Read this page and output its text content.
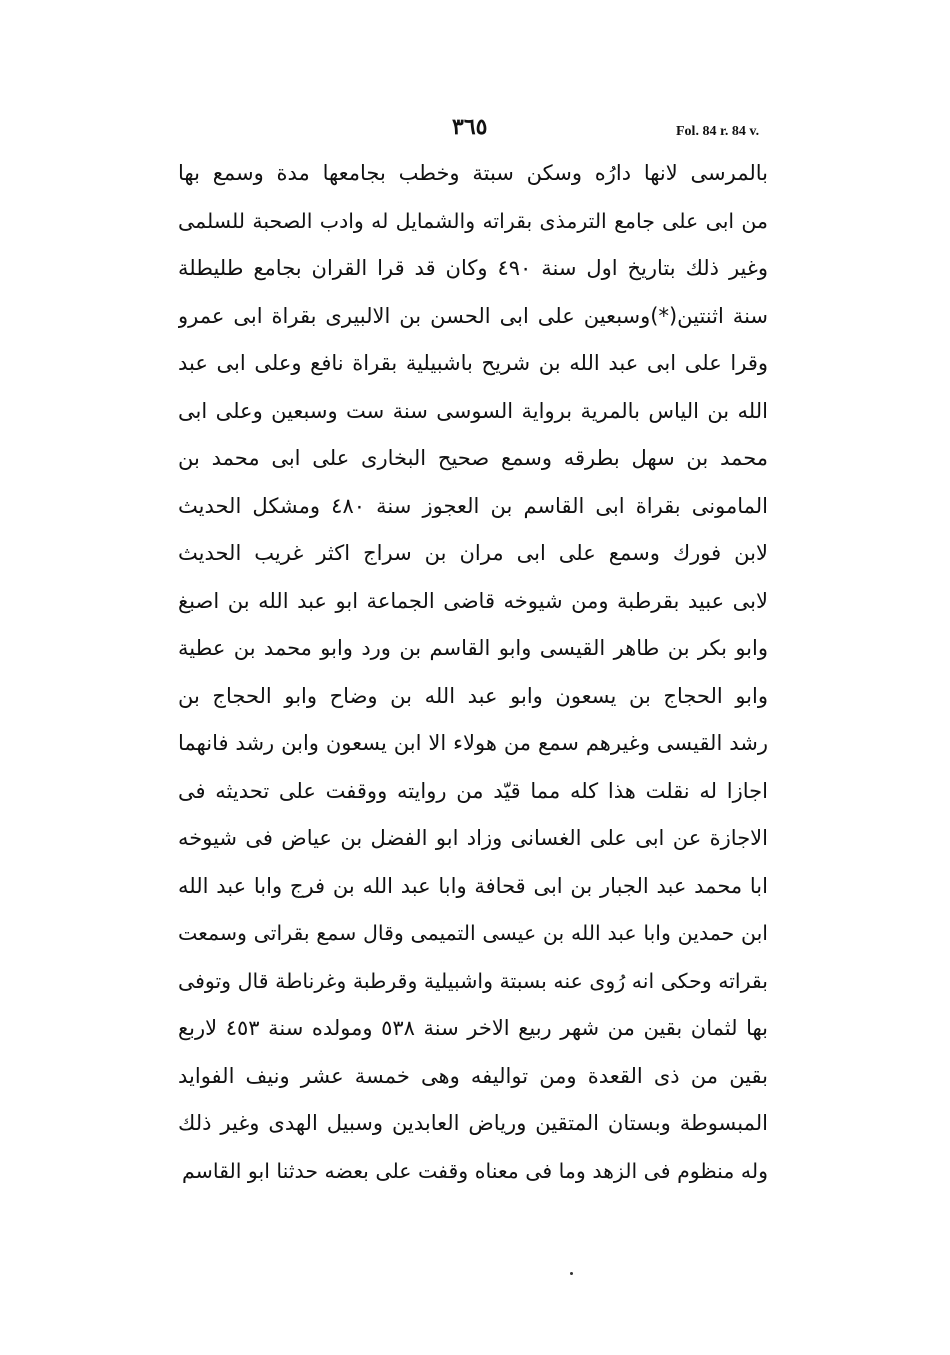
٣٦٥	Fol. 84 r. 84 v.
بالمرسى لانها دارُه وسكن سبتة وخطب بجامعها مدة وسمع بها
من ابى على جامع الترمذى بقراته والشمايل له وادب الصحبة للسلمى
وغير ذلك بتاريخ اول سنة ٤٩٠ وكان قد قرا القران بجامع طليطلة
سنة اثنتين(*)وسبعين على ابى الحسن بن الالبيرى بقراة ابى عمرو
وقرا على ابى عبد الله بن شريح باشبيلية بقراة نافع وعلى ابى عبد
الله بن الياس بالمرية برواية السوسى سنة ست وسبعين وعلى ابى
محمد بن سهل بطرقه وسمع صحيح البخارى على ابى محمد بن
المامونى بقراة ابى القاسم بن العجوز سنة ٤٨٠ ومشكل الحديث
لابن فورك وسمع على ابى مران بن سراج اكثر غريب الحديث
لابى عبيد بقرطبة ومن شيوخه قاضى الجماعة ابو عبد الله بن اصبغ
وابو بكر بن طاهر القيسى وابو القاسم بن ورد وابو محمد بن عطية
وابو الحجاج بن يسعون وابو عبد الله بن وضاح وابو الحجاج بن
رشد القيسى وغيرهم سمع من هولاء الا ابن يسعون وابن رشد فانهما
اجازا له نقلت هذا كله مما قيّد من روايته ووقفت على تحديثه فى
الاجازة عن ابى على الغسانى وزاد ابو الفضل بن عياض فى شيوخه
ابا محمد عبد الجبار بن ابى قحافة وابا عبد الله بن فرج وابا عبد الله
ابن حمدين وابا عبد الله بن عيسى التميمى وقال سمع بقراتى وسمعت
بقراته وحكى انه رُوى عنه بسبتة واشبيلية وقرطبة وغرناطة قال وتوفى
بها لثمان بقين من شهر ربيع الاخر سنة ٥٣٨ ومولده سنة ٤٥٣ لاربع
بقين من ذى القعدة ومن تواليفه وهى خمسة عشر ونيف الفوايد
المبسوطة وبستان المتقين ورياض العابدين وسبيل الهدى وغير ذلك
وله منظوم فى الزهد وما فى معناه وقفت على بعضه حدثنا ابو القاسم
